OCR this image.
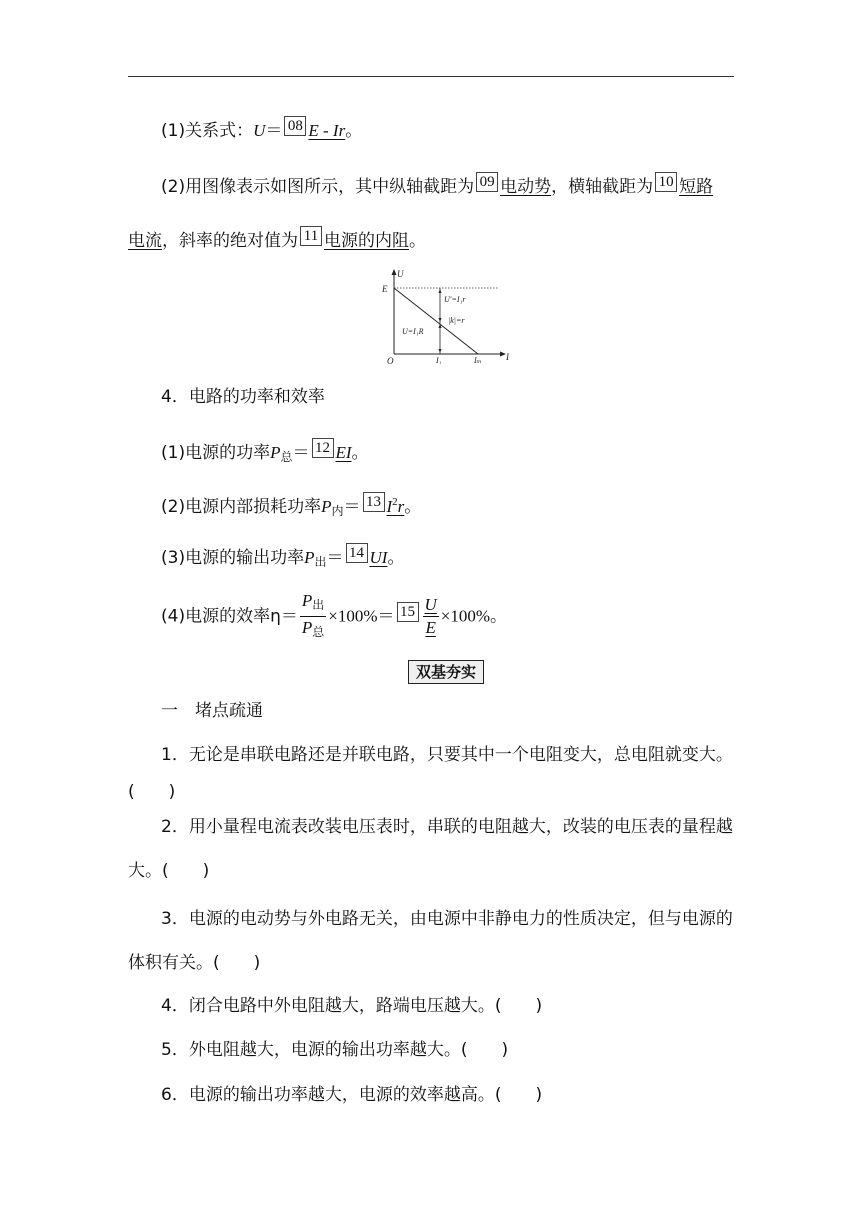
(1)关系式：U＝ 08 E - Ir。
(2)用图像表示如图所示，其中纵轴截距为 09 电动势，横轴截距为 10 短路
电流，斜率的绝对值为 11 电源的内阻。
U
I
O
E
U′=I₁r
|k|=r
U=I₁R
I₁	Iₘ
4．电路的功率和效率
(1)电源的功率$P_总= 12$ EI。
(2)电源内部损耗功率$P_内= 13$ $I^2r$。
(3)电源的输出功率$P_出= 14$ UI。
(4)电源的效率$\eta= \frac{P_出}{P_总} \times 100\%= 15 \frac{U}{E} \times 100\%$。
双基夯实
一　堵点疏通
1．无论是串联电路还是并联电路，只要其中一个电阻变大，总电阻就变大。
(　　)
2．用小量程电流表改装电压表时，串联的电阻越大，改装的电压表的量程越
大。(　　)
3．电源的电动势与外电路无关，由电源中非静电力的性质决定，但与电源的
体积有关。(　　)
4．闭合电路中外电阻越大，路端电压越大。(　　)
5．外电阻越大，电源的输出功率越大。(　　)
6．电源的输出功率越大，电源的效率越高。(　　)
